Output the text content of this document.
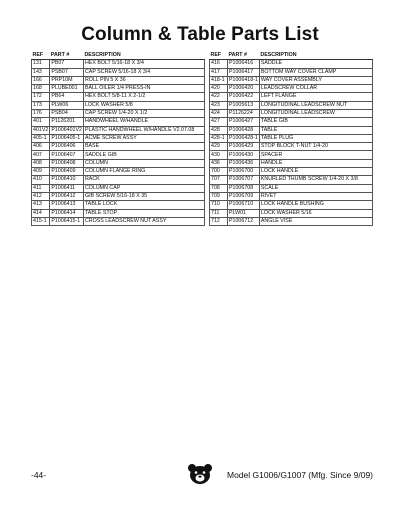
Column & Table Parts List
REF	PART #	DESCRIPTION
131	PB07	HEX BOLT 5/16-18 X 3/4
143	PSB07	CAP SCREW 5/16-18 X 3/4
166	PRP10M	ROLL PIN 5 X 36
168	PLUBE001	BALL OILER 1/4 PRESS-IN
172	PB64	HEX BOLT 5/8-11 X 2-1/2
173	PLW06	LOCK WASHER 5/8
176	PSB04	CAP SCREW 1/4-20 X 1/2
401	P1126201	HANDWHEEL W/HANDLE
401V2	P1006401V2	PLASTIC HANDWHEEL W/HANDLE V2.07.08
405-1	P1006405-1	ACME SCREW ASSY
406	P1006406	BASE
407	P1006407	SADDLE GIB
408	P1006408	COLUMN
409	P1006409	COLUMN FLANGE RING
410	P1006410	RACK
411	P1006411	COLUMN CAP
412	P1006412	GIB SCREW 5/16-18 X 35
413	P1006413	TABLE LOCK
414	P1006414	TABLE STOP
415-1	P1006415-1	CROSS LEADSCREW NUT ASSY
REF	PART #	DESCRIPTION
416	P1006416	SADDLE
417	P1006417	BOTTOM WAY COVER CLAMP
418-1	P1006418-1	WAY COVER ASSEMBLY
420	P1006420	LEADSCREW COLLAR
422	P1006422	LEFT FLANGE
423	P1005613	LONGITUDINAL LEADSCREW NUT
424	P1126224	LONGITUDINAL LEADSCREW
427	P1006427	TABLE GIB
428	P1006428	TABLE
428-1	P1006428-1	TABLE PLUG
429	P1006429	STOP BLOCK T-NUT 1/4-20
430	P1006430	SPACER
436	P1006436	HANDLE
700	P1006700	LOCK HANDLE
707	P1006707	KNURLED THUMB SCREW 1/4-20 X 3/8
708	P1006708	SCALE
709	P1006709	RIVET
710	P1006710	LOCK HANDLE BUSHING
711	PLW01	LOCK WASHER 5/16
712	P1006712	ANGLE VISE
-44-	Model G1006/G1007 (Mfg. Since 9/09)
